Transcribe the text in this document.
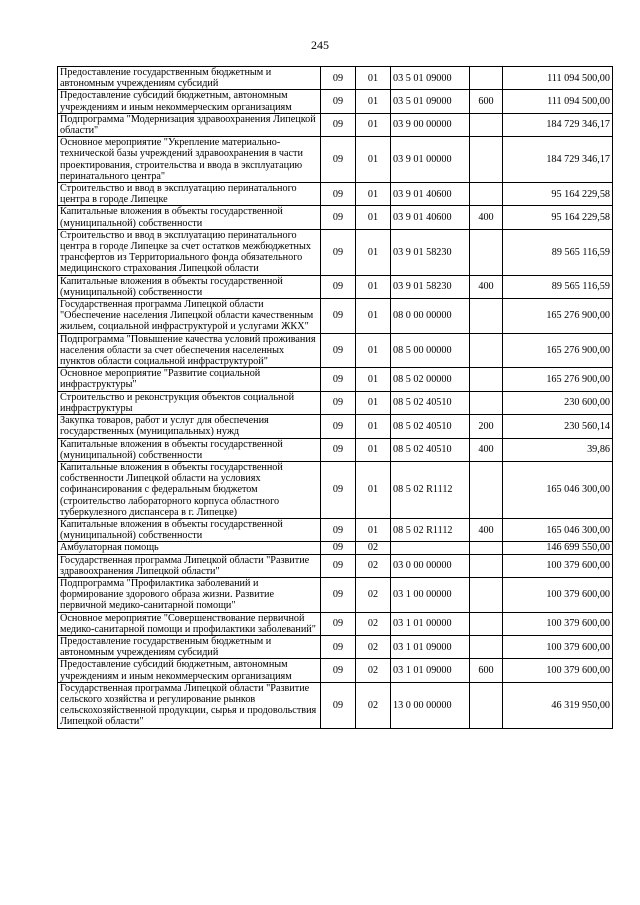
245
Предоставление государственным бюджетным и автономным учреждениям субсидий	09	01	03 5 01 09000		111 094 500,00
Предоставление субсидий бюджетным, автономным учреждениям и иным некоммерческим организациям	09	01	03 5 01 09000	600	111 094 500,00
Подпрограмма "Модернизация здравоохранения Липецкой области"	09	01	03 9 00 00000		184 729 346,17
Основное мероприятие "Укрепление материально-технической базы учреждений здравоохранения в части проектирования, строительства и ввода в эксплуатацию перинатального центра"	09	01	03 9 01 00000		184 729 346,17
Строительство и ввод в эксплуатацию перинатального центра в городе Липецке	09	01	03 9 01 40600		95 164 229,58
Капитальные вложения в объекты государственной (муниципальной) собственности	09	01	03 9 01 40600	400	95 164 229,58
Строительство и ввод в эксплуатацию перинатального центра в городе Липецке за счет остатков межбюджетных трансфертов из Территориального фонда обязательного медицинского страхования Липецкой области	09	01	03 9 01 58230		89 565 116,59
Капитальные вложения в объекты государственной (муниципальной) собственности	09	01	03 9 01 58230	400	89 565 116,59
Государственная программа Липецкой области "Обеспечение населения Липецкой области качественным жильем, социальной инфраструктурой и услугами ЖКХ"	09	01	08 0 00 00000		165 276 900,00
Подпрограмма "Повышение качества условий проживания населения области за счет обеспечения населенных пунктов области социальной инфраструктурой"	09	01	08 5 00 00000		165 276 900,00
Основное мероприятие "Развитие социальной инфраструктуры"	09	01	08 5 02 00000		165 276 900,00
Строительство и реконструкция объектов социальной инфраструктуры	09	01	08 5 02 40510		230 600,00
Закупка товаров, работ и услуг для обеспечения государственных (муниципальных) нужд	09	01	08 5 02 40510	200	230 560,14
Капитальные вложения в объекты государственной (муниципальной) собственности	09	01	08 5 02 40510	400	39,86
Капитальные вложения в объекты государственной собственности Липецкой области на условиях софинансирования с федеральным бюджетом (строительство лабораторного корпуса областного туберкулезного диспансера в г. Липецке)	09	01	08 5 02 R1112		165 046 300,00
Капитальные вложения в объекты государственной (муниципальной) собственности	09	01	08 5 02 R1112	400	165 046 300,00
Амбулаторная помощь	09	02			146 699 550,00
Государственная программа Липецкой области "Развитие здравоохранения Липецкой области"	09	02	03 0 00 00000		100 379 600,00
Подпрограмма "Профилактика заболеваний и формирование здорового образа жизни. Развитие первичной медико-санитарной помощи"	09	02	03 1 00 00000		100 379 600,00
Основное мероприятие "Совершенствование первичной медико-санитарной помощи и профилактики заболеваний"	09	02	03 1 01 00000		100 379 600,00
Предоставление государственным бюджетным и автономным учреждениям субсидий	09	02	03 1 01 09000		100 379 600,00
Предоставление субсидий бюджетным, автономным учреждениям и иным некоммерческим организациям	09	02	03 1 01 09000	600	100 379 600,00
Государственная программа Липецкой области "Развитие сельского хозяйства и регулирование рынков сельскохозяйственной продукции, сырья и продовольствия Липецкой области"	09	02	13 0 00 00000		46 319 950,00
